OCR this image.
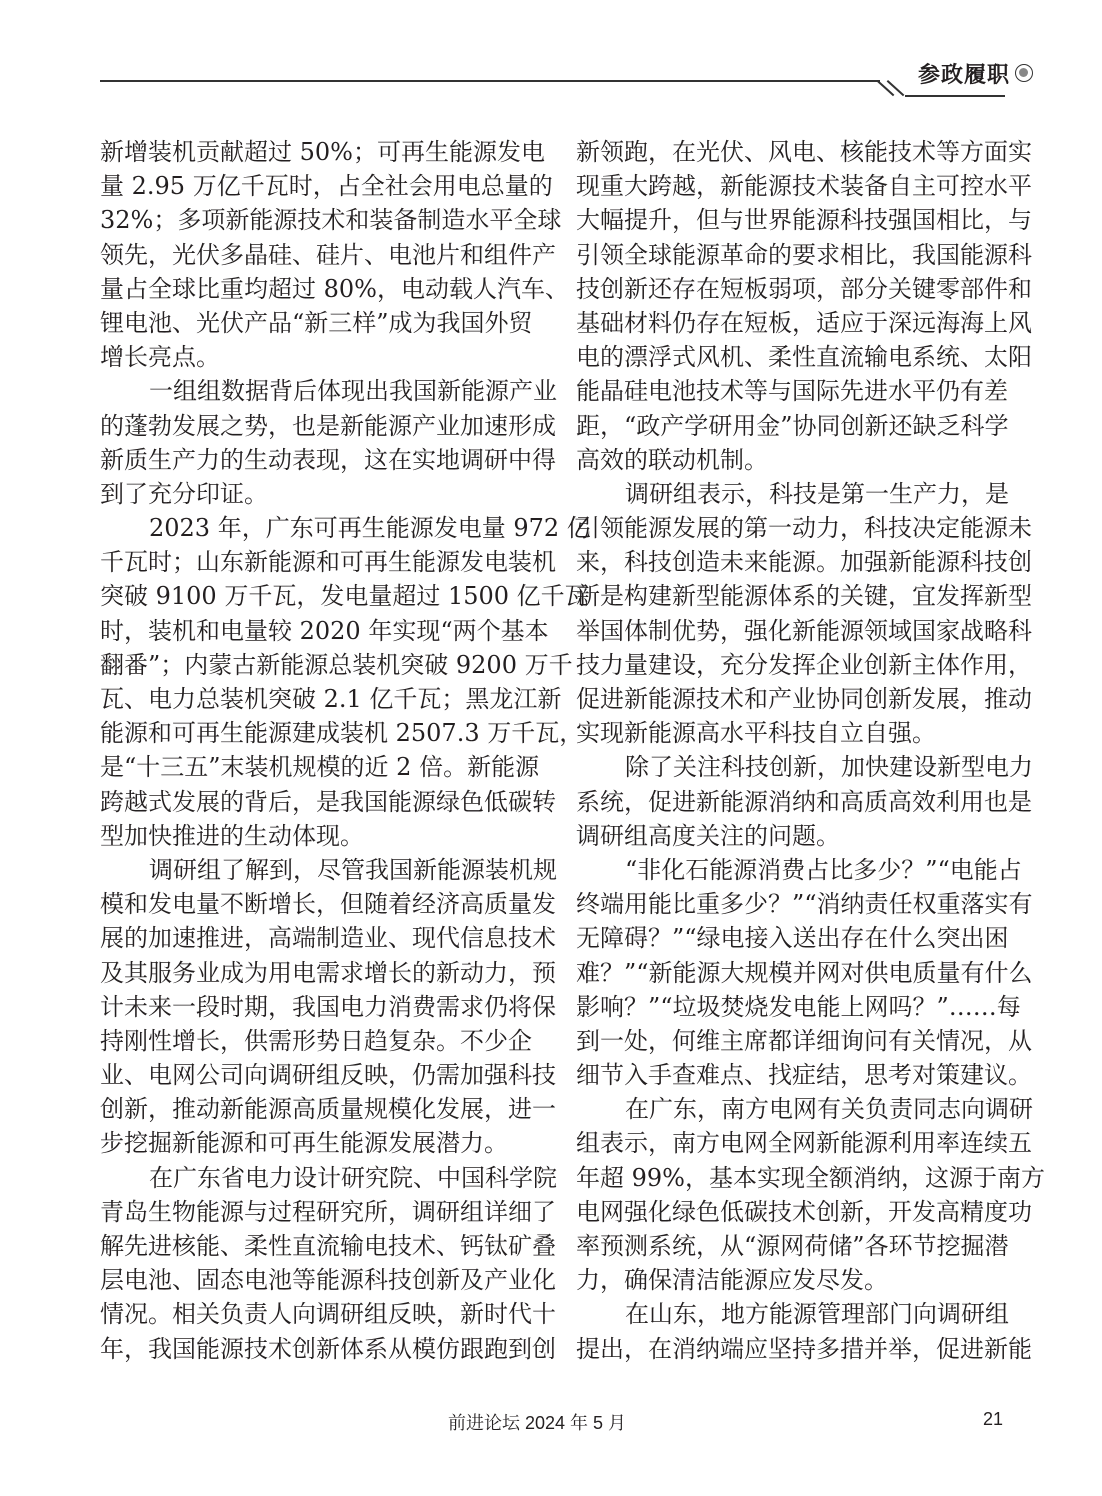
参政履职
新增装机贡献超过 50%；可再生能源发电
量 2.95 万亿千瓦时，占全社会用电总量的
32%；多项新能源技术和装备制造水平全球
领先，光伏多晶硅、硅片、电池片和组件产
量占全球比重均超过 80%，电动载人汽车、
锂电池、光伏产品“新三样”成为我国外贸
增长亮点。
一组组数据背后体现出我国新能源产业
的蓬勃发展之势，也是新能源产业加速形成
新质生产力的生动表现，这在实地调研中得
到了充分印证。
2023 年，广东可再生能源发电量 972 亿
千瓦时；山东新能源和可再生能源发电装机
突破 9100 万千瓦，发电量超过 1500 亿千瓦
时，装机和电量较 2020 年实现“两个基本
翻番”；内蒙古新能源总装机突破 9200 万千
瓦、电力总装机突破 2.1 亿千瓦；黑龙江新
能源和可再生能源建成装机 2507.3 万千瓦，
是“十三五”末装机规模的近 2 倍。新能源
跨越式发展的背后，是我国能源绿色低碳转
型加快推进的生动体现。
调研组了解到，尽管我国新能源装机规
模和发电量不断增长，但随着经济高质量发
展的加速推进，高端制造业、现代信息技术
及其服务业成为用电需求增长的新动力，预
计未来一段时期，我国电力消费需求仍将保
持刚性增长，供需形势日趋复杂。不少企
业、电网公司向调研组反映，仍需加强科技
创新，推动新能源高质量规模化发展，进一
步挖掘新能源和可再生能源发展潜力。
在广东省电力设计研究院、中国科学院
青岛生物能源与过程研究所，调研组详细了
解先进核能、柔性直流输电技术、钙钛矿叠
层电池、固态电池等能源科技创新及产业化
情况。相关负责人向调研组反映，新时代十
年，我国能源技术创新体系从模仿跟跑到创
新领跑，在光伏、风电、核能技术等方面实
现重大跨越，新能源技术装备自主可控水平
大幅提升，但与世界能源科技强国相比，与
引领全球能源革命的要求相比，我国能源科
技创新还存在短板弱项，部分关键零部件和
基础材料仍存在短板，适应于深远海海上风
电的漂浮式风机、柔性直流输电系统、太阳
能晶硅电池技术等与国际先进水平仍有差
距，“政产学研用金”协同创新还缺乏科学
高效的联动机制。
调研组表示，科技是第一生产力，是
引领能源发展的第一动力，科技决定能源未
来，科技创造未来能源。加强新能源科技创
新是构建新型能源体系的关键，宜发挥新型
举国体制优势，强化新能源领域国家战略科
技力量建设，充分发挥企业创新主体作用，
促进新能源技术和产业协同创新发展，推动
实现新能源高水平科技自立自强。
除了关注科技创新，加快建设新型电力
系统，促进新能源消纳和高质高效利用也是
调研组高度关注的问题。
“非化石能源消费占比多少？”“电能占
终端用能比重多少？”“消纳责任权重落实有
无障碍？”“绿电接入送出存在什么突出困
难？”“新能源大规模并网对供电质量有什么
影响？”“垃圾焚烧发电能上网吗？”……每
到一处，何维主席都详细询问有关情况，从
细节入手查难点、找症结，思考对策建议。
在广东，南方电网有关负责同志向调研
组表示，南方电网全网新能源利用率连续五
年超 99%，基本实现全额消纳，这源于南方
电网强化绿色低碳技术创新，开发高精度功
率预测系统，从“源网荷储”各环节挖掘潜
力，确保清洁能源应发尽发。
在山东，地方能源管理部门向调研组
提出，在消纳端应坚持多措并举，促进新能
前进论坛 2024 年 5 月	21
